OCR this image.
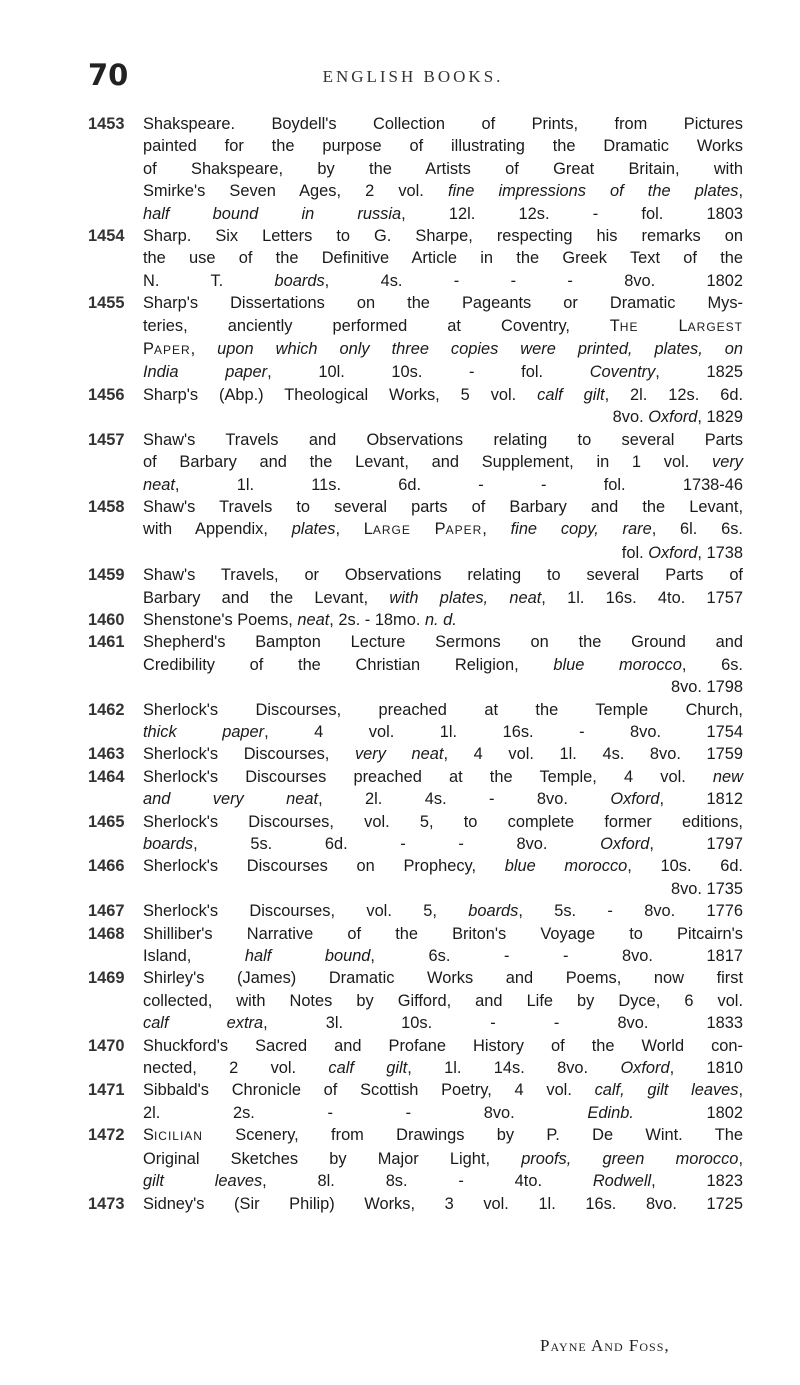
70	ENGLISH BOOKS.
1453 Shakspeare. Boydell's Collection of Prints, from Pictures
painted for the purpose of illustrating the Dramatic Works
of Shakspeare, by the Artists of Great Britain, with
Smirke's Seven Ages, 2 vol. fine impressions of the plates,
half bound in russia, 12l. 12s. - fol. 1803
1454 Sharp. Six Letters to G. Sharpe, respecting his remarks on
the use of the Definitive Article in the Greek Text of the
N. T. boards, 4s. - - - 8vo. 1802
1455 Sharp's Dissertations on the Pageants or Dramatic Mys-
teries, anciently performed at Coventry, THE LARGEST
PAPER, upon which only three copies were printed, plates, on
India paper, 10l. 10s. - fol. Coventry, 1825
1456 Sharp's (Abp.) Theological Works, 5 vol. calf gilt, 2l. 12s. 6d.
8vo. Oxford, 1829
1457 Shaw's Travels and Observations relating to several Parts
of Barbary and the Levant, and Supplement, in 1 vol. very
neat, 1l. 11s. 6d. - - fol. 1738-46
1458 Shaw's Travels to several parts of Barbary and the Levant,
with Appendix, plates, LARGE PAPER, fine copy, rare, 6l. 6s.
fol. Oxford, 1738
1459 Shaw's Travels, or Observations relating to several Parts of
Barbary and the Levant, with plates, neat, 1l. 16s. 4to. 1757
1460 Shenstone's Poems, neat, 2s. - 18mo. n. d.
1461 Shepherd's Bampton Lecture Sermons on the Ground and
Credibility of the Christian Religion, blue morocco, 6s.
8vo. 1798
1462 Sherlock's Discourses, preached at the Temple Church,
thick paper, 4 vol. 1l. 16s. - 8vo. 1754
1463 Sherlock's Discourses, very neat, 4 vol. 1l. 4s. 8vo. 1759
1464 Sherlock's Discourses preached at the Temple, 4 vol. new
and very neat, 2l. 4s. - 8vo. Oxford, 1812
1465 Sherlock's Discourses, vol. 5, to complete former editions,
boards, 5s. 6d. - - 8vo. Oxford, 1797
1466 Sherlock's Discourses on Prophecy, blue morocco, 10s. 6d.
8vo. 1735
1467 Sherlock's Discourses, vol. 5, boards, 5s. - 8vo. 1776
1468 Shilliber's Narrative of the Briton's Voyage to Pitcairn's
Island, half bound, 6s. - - 8vo. 1817
1469 Shirley's (James) Dramatic Works and Poems, now first
collected, with Notes by Gifford, and Life by Dyce, 6 vol.
calf extra, 3l. 10s. - - 8vo. 1833
1470 Shuckford's Sacred and Profane History of the World con-
nected, 2 vol. calf gilt, 1l. 14s. 8vo. Oxford, 1810
1471 Sibbald's Chronicle of Scottish Poetry, 4 vol. calf, gilt leaves,
2l. 2s. - - 8vo. Edinb. 1802
1472 SICILIAN Scenery, from Drawings by P. De Wint. The
Original Sketches by Major Light, proofs, green morocco,
gilt leaves, 8l. 8s. - 4to. Rodwell, 1823
1473 Sidney's (Sir Philip) Works, 3 vol. 1l. 16s. 8vo. 1725
PAYNE AND FOSS,
